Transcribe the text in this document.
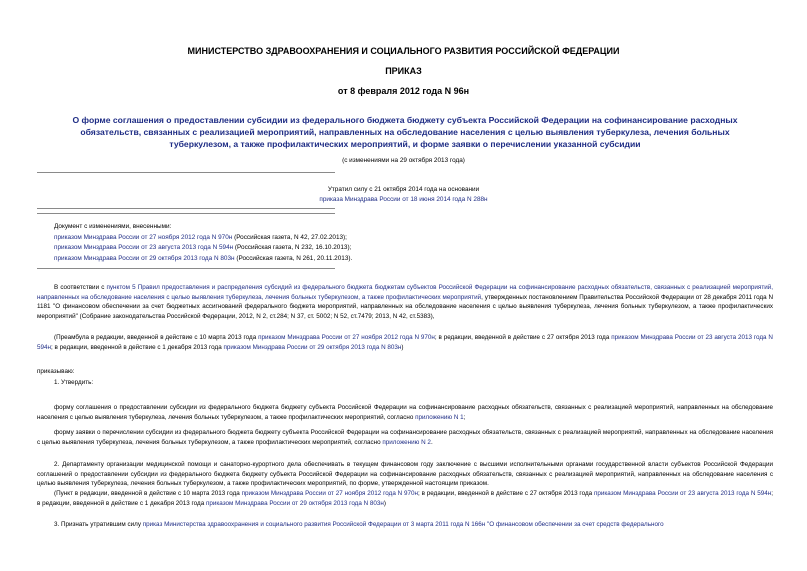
МИНИСТЕРСТВО ЗДРАВООХРАНЕНИЯ И СОЦИАЛЬНОГО РАЗВИТИЯ РОССИЙСКОЙ ФЕДЕРАЦИИ
ПРИКАЗ
от 8 февраля 2012 года N 96н
О форме соглашения о предоставлении субсидии из федерального бюджета бюджету субъекта Российской Федерации на софинансирование расходных обязательств, связанных с реализацией мероприятий, направленных на обследование населения с целью выявления туберкулеза, лечения больных туберкулезом, а также профилактических мероприятий, и форме заявки о перечислении указанной субсидии
(с изменениями на 29 октября 2013 года)
Утратил силу с 21 октября 2014 года на основании
приказа Минздрава России от 18 июня 2014 года N 288н
Документ с изменениями, внесенными:
приказом Минздрава России от 27 ноября 2012 года N 970н (Российская газета, N 42, 27.02.2013);
приказом Минздрава России от 23 августа 2013 года N 594н (Российская газета, N 232, 16.10.2013);
приказом Минздрава России от 29 октября 2013 года N 803н (Российская газета, N 261, 20.11.2013).
В соответствии с пунктом 5 Правил предоставления и распределения субсидий из федерального бюджета бюджетам субъектов Российской Федерации на софинансирование расходных обязательств, связанных с реализацией мероприятий, направленных на обследование населения с целью выявления туберкулеза, лечения больных туберкулезом, а также профилактических мероприятий, утвержденных постановлением Правительства Российской Федерации от 28 декабря 2011 года N 1181 "О финансовом обеспечении за счет бюджетных ассигнований федерального бюджета мероприятий, направленных на обследование населения с целью выявления туберкулеза, лечения больных туберкулезом, а также профилактических мероприятий" (Собрание законодательства Российской Федерации, 2012, N 2, ст.284; N 37, ст. 5002; N 52, ст.7479; 2013, N 42, ст.5383),
(Преамбула в редакции, введенной в действие с 10 марта 2013 года приказом Минздрава России от 27 ноября 2012 года N 970н; в редакции, введенной в действие с 27 октября 2013 года приказом Минздрава России от 23 августа 2013 года N 594н; в редакции, введенной в действие с 1 декабря 2013 года приказом Минздрава России от 29 октября 2013 года N 803н)
приказываю:
1. Утвердить:
форму соглашения о предоставлении субсидии из федерального бюджета бюджету субъекта Российской Федерации на софинансирование расходных обязательств, связанных с реализацией мероприятий, направленных на обследование населения с целью выявления туберкулеза, лечения больных туберкулезом, а также профилактических мероприятий, согласно приложению N 1;
форму заявки о перечислении субсидии из федерального бюджета бюджету субъекта Российской Федерации на софинансирование расходных обязательств, связанных с реализацией мероприятий, направленных на обследование населения с целью выявления туберкулеза, лечения больных туберкулезом, а также профилактических мероприятий, согласно приложению N 2.
2. Департаменту организации медицинской помощи и санаторно-курортного дела обеспечивать в текущем финансовом году заключение с высшими исполнительными органами государственной власти субъектов Российской Федерации соглашений о предоставлении субсидии из федерального бюджета бюджету субъекта Российской Федерации на софинансирование расходных обязательств, связанных с реализацией мероприятий, направленных на обследование населения с целью выявления туберкулеза, лечения больных туберкулезом, а также профилактических мероприятий, по форме, утвержденной настоящим приказом.
(Пункт в редакции, введенной в действие с 10 марта 2013 года приказом Минздрава России от 27 ноября 2012 года N 970н; в редакции, введенной в действие с 27 октября 2013 года приказом Минздрава России от 23 августа 2013 года N 594н; в редакции, введенной в действие с 1 декабря 2013 года приказом Минздрава России от 29 октября 2013 года N 803н)
3. Признать утратившим силу приказ Министерства здравоохранения и социального развития Российской Федерации от 3 марта 2011 года N 166н "О финансовом обеспечении за счет средств федерального
